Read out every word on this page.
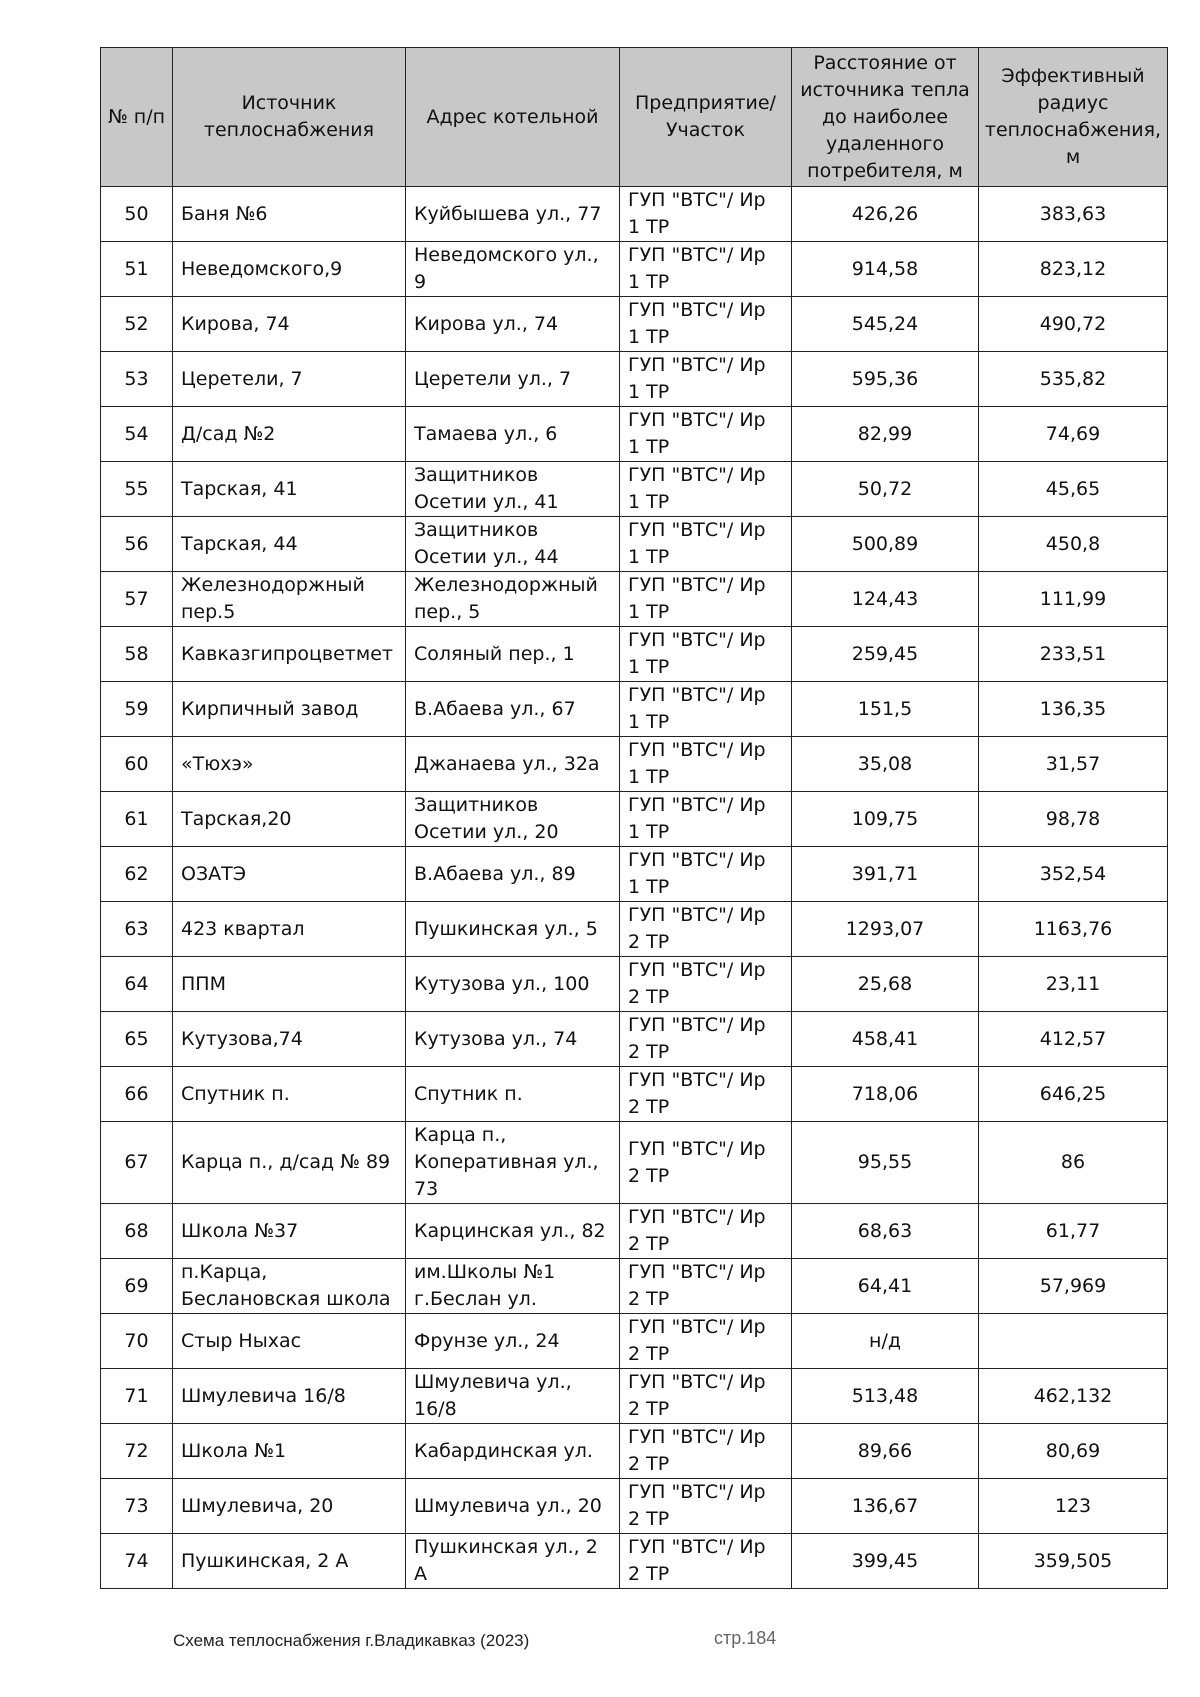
№ п/п	Источник теплоснабжения	Адрес котельной	Предприятие/ Участок	Расстояние от источника тепла до наиболее удаленного потребителя, м	Эффективный радиус теплоснабжения, м
50	Баня №6	Куйбышева ул., 77	ГУП "ВТС"/ Ир 1 ТР	426,26	383,63
51	Неведомского,9	Неведомского ул., 9	ГУП "ВТС"/ Ир 1 ТР	914,58	823,12
52	Кирова, 74	Кирова ул., 74	ГУП "ВТС"/ Ир 1 ТР	545,24	490,72
53	Церетели, 7	Церетели ул., 7	ГУП "ВТС"/ Ир 1 ТР	595,36	535,82
54	Д/сад №2	Тамаева ул., 6	ГУП "ВТС"/ Ир 1 ТР	82,99	74,69
55	Тарская, 41	Защитников Осетии ул., 41	ГУП "ВТС"/ Ир 1 ТР	50,72	45,65
56	Тарская, 44	Защитников Осетии ул., 44	ГУП "ВТС"/ Ир 1 ТР	500,89	450,8
57	Железнодоржный пер.5	Железнодоржный пер., 5	ГУП "ВТС"/ Ир 1 ТР	124,43	111,99
58	Кавказгипроцветмет	Соляный пер., 1	ГУП "ВТС"/ Ир 1 ТР	259,45	233,51
59	Кирпичный завод	В.Абаева ул., 67	ГУП "ВТС"/ Ир 1 ТР	151,5	136,35
60	«Тюхэ»	Джанаева ул., 32а	ГУП "ВТС"/ Ир 1 ТР	35,08	31,57
61	Тарская,20	Защитников Осетии ул., 20	ГУП "ВТС"/ Ир 1 ТР	109,75	98,78
62	ОЗАТЭ	В.Абаева ул., 89	ГУП "ВТС"/ Ир 1 ТР	391,71	352,54
63	423 квартал	Пушкинская ул., 5	ГУП "ВТС"/ Ир 2 ТР	1293,07	1163,76
64	ППМ	Кутузова ул., 100	ГУП "ВТС"/ Ир 2 ТР	25,68	23,11
65	Кутузова,74	Кутузова ул., 74	ГУП "ВТС"/ Ир 2 ТР	458,41	412,57
66	Спутник п.	Спутник п.	ГУП "ВТС"/ Ир 2 ТР	718,06	646,25
67	Карца п., д/сад № 89	Карца п., Коперативная ул., 73	ГУП "ВТС"/ Ир 2 ТР	95,55	86
68	Школа №37	Карцинская ул., 82	ГУП "ВТС"/ Ир 2 ТР	68,63	61,77
69	п.Карца, Беслановская школа	им.Школы №1 г.Беслан ул.	ГУП "ВТС"/ Ир 2 ТР	64,41	57,969
70	Стыр Ныхас	Фрунзе ул., 24	ГУП "ВТС"/ Ир 2 ТР	н/д	
71	Шмулевича 16/8	Шмулевича ул., 16/8	ГУП "ВТС"/ Ир 2 ТР	513,48	462,132
72	Школа №1	Кабардинская ул.	ГУП "ВТС"/ Ир 2 ТР	89,66	80,69
73	Шмулевича, 20	Шмулевича ул., 20	ГУП "ВТС"/ Ир 2 ТР	136,67	123
74	Пушкинская, 2 А	Пушкинская ул., 2 А	ГУП "ВТС"/ Ир 2 ТР	399,45	359,505
Схема теплоснабжения г.Владикавказ (2023)	стр.184
